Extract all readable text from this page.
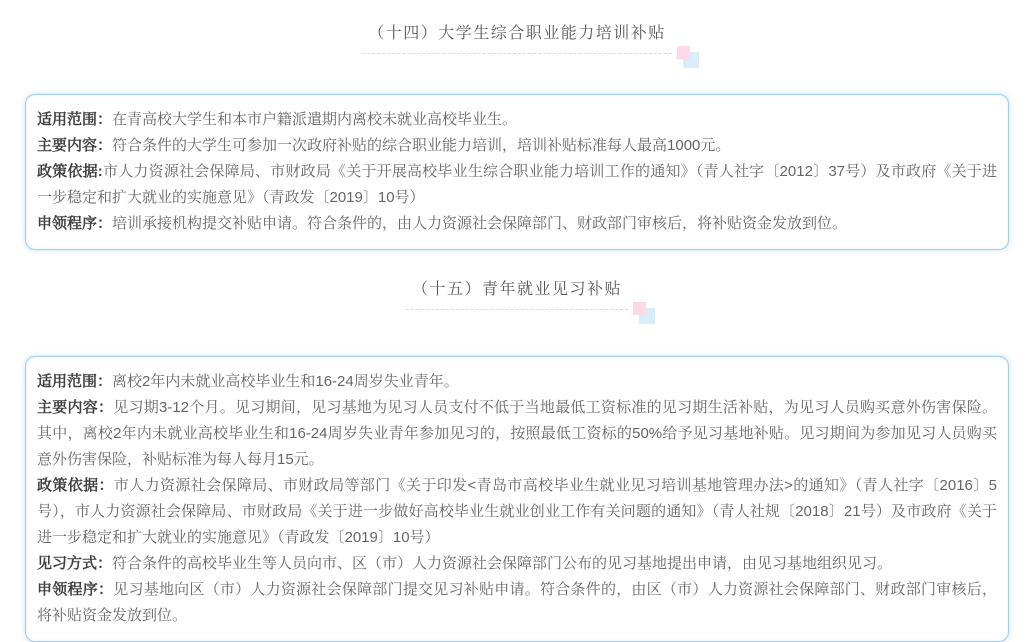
（十四）大学生综合职业能力培训补贴

适用范围：在青高校大学生和本市户籍派遣期内离校未就业高校毕业生。

主要内容：符合条件的大学生可参加一次政府补贴的综合职业能力培训，培训补贴标准每人最高1000元。

政策依据:市人力资源社会保障局、市财政局《关于开展高校毕业生综合职业能力培训工作的通知》（青人社字〔2012〕37号）及市政府《关于进一步稳定和扩大就业的实施意见》（青政发〔2019〕10号）

申领程序：培训承接机构提交补贴申请。符合条件的，由人力资源社会保障部门、财政部门审核后，将补贴资金发放到位。

（十五）青年就业见习补贴

适用范围：离校2年内未就业高校毕业生和16-24周岁失业青年。

主要内容：见习期3-12个月。见习期间，见习基地为见习人员支付不低于当地最低工资标准的见习期生活补贴，为见习人员购买意外伤害保险。其中，离校2年内未就业高校毕业生和16-24周岁失业青年参加见习的，按照最低工资标的50%给予见习基地补贴。见习期间为参加见习人员购买意外伤害保险，补贴标准为每人每月15元。

政策依据：市人力资源社会保障局、市财政局等部门《关于印发<青岛市高校毕业生就业见习培训基地管理办法>的通知》（青人社字〔2016〕5号），市人力资源社会保障局、市财政局《关于进一步做好高校毕业生就业创业工作有关问题的通知》（青人社规〔2018〕21号）及市政府《关于进一步稳定和扩大就业的实施意见》（青政发〔2019〕10号）

见习方式：符合条件的高校毕业生等人员向市、区（市）人力资源社会保障部门公布的见习基地提出申请，由见习基地组织见习。

申领程序：见习基地向区（市）人力资源社会保障部门提交见习补贴申请。符合条件的，由区（市）人力资源社会保障部门、财政部门审核后，将补贴资金发放到位。
